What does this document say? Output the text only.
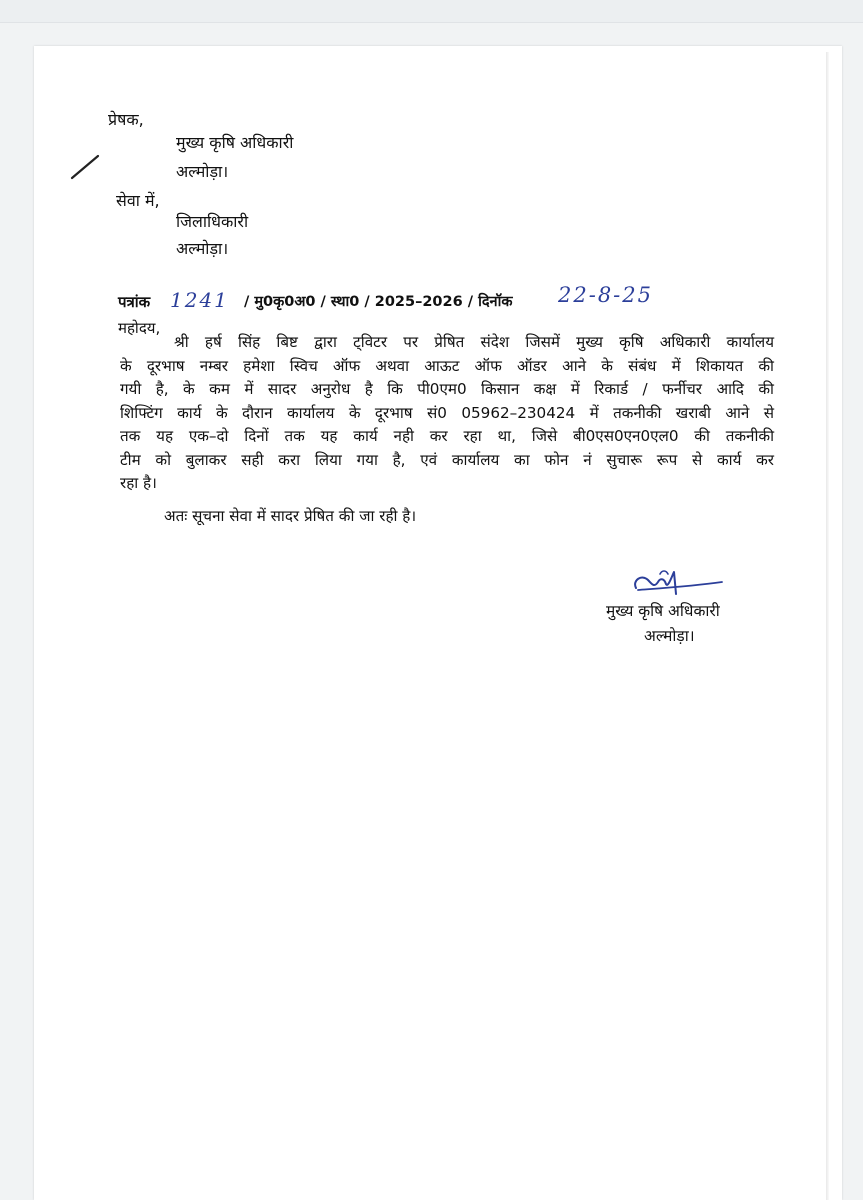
प्रेषक,
मुख्य कृषि अधिकारी
अल्मोड़ा।
सेवा में,
जिलाधिकारी
अल्मोड़ा।
पत्रांक 1241 / मु0कृ0अ0 / स्था0 / 2025–2026 / दिनॉक 22-8-25
महोदय,
श्री हर्ष सिंह बिष्ट द्वारा ट्विटर पर प्रेषित संदेश जिसमें मुख्य कृषि अधिकारी कार्यालय
के दूरभाष नम्बर हमेशा स्विच ऑफ अथवा आऊट ऑफ ऑडर आने के संबंध में शिकायत की
गयी है, के कम में सादर अनुरोध है कि पी0एम0 किसान कक्ष में रिकार्ड / फर्नीचर आदि की
शिफ्टिंग कार्य के दौरान कार्यालय के दूरभाष सं0 05962–230424 में तकनीकी खराबी आने से
तक यह एक–दो दिनों तक यह कार्य नही कर रहा था, जिसे बी0एस0एन0एल0 की तकनीकी
टीम को बुलाकर सही करा लिया गया है, एवं कार्यालय का फोन नं सुचारू रूप से कार्य कर
रहा है।
अतः सूचना सेवा में सादर प्रेषित की जा रही है।
मुख्य कृषि अधिकारी
अल्मोड़ा।
